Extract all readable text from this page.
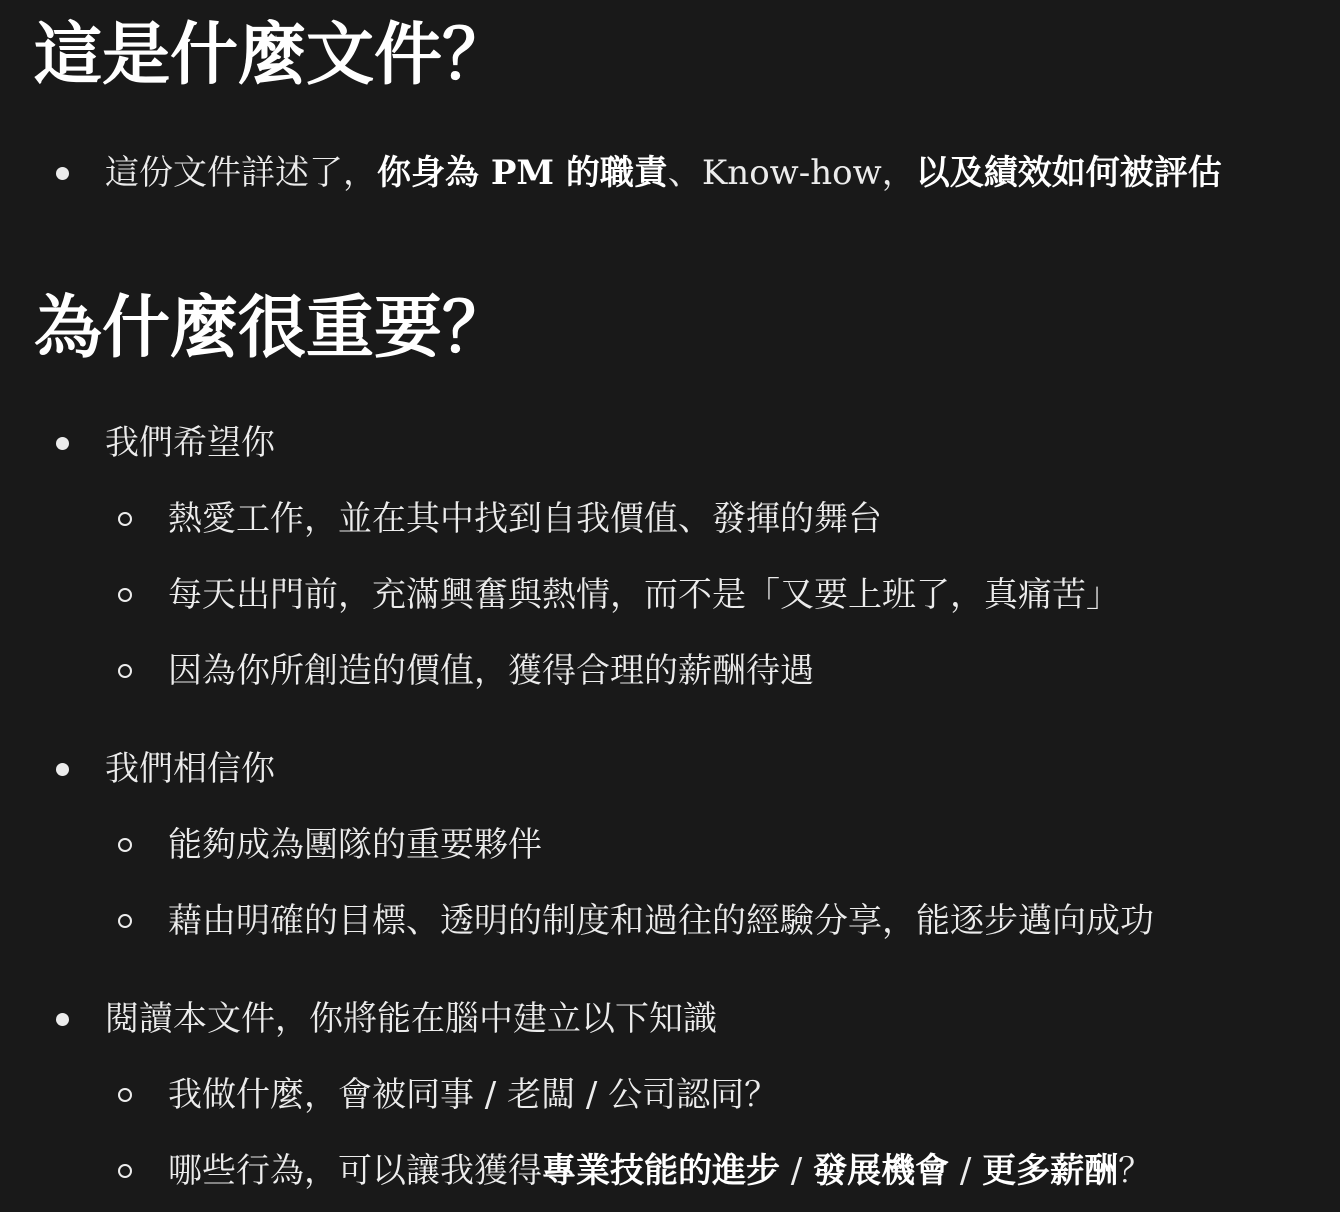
這是什麼文件？
這份文件詳述了，你身為 PM 的職責、Know-how，以及績效如何被評估
為什麼很重要？
我們希望你
熱愛工作，並在其中找到自我價值、發揮的舞台
每天出門前，充滿興奮與熱情，而不是「又要上班了，真痛苦」
因為你所創造的價值，獲得合理的薪酬待遇
我們相信你
能夠成為團隊的重要夥伴
藉由明確的目標、透明的制度和過往的經驗分享，能逐步邁向成功
閱讀本文件，你將能在腦中建立以下知識
我做什麼，會被同事 / 老闆 / 公司認同？
哪些行為，可以讓我獲得專業技能的進步 / 發展機會 / 更多薪酬？
